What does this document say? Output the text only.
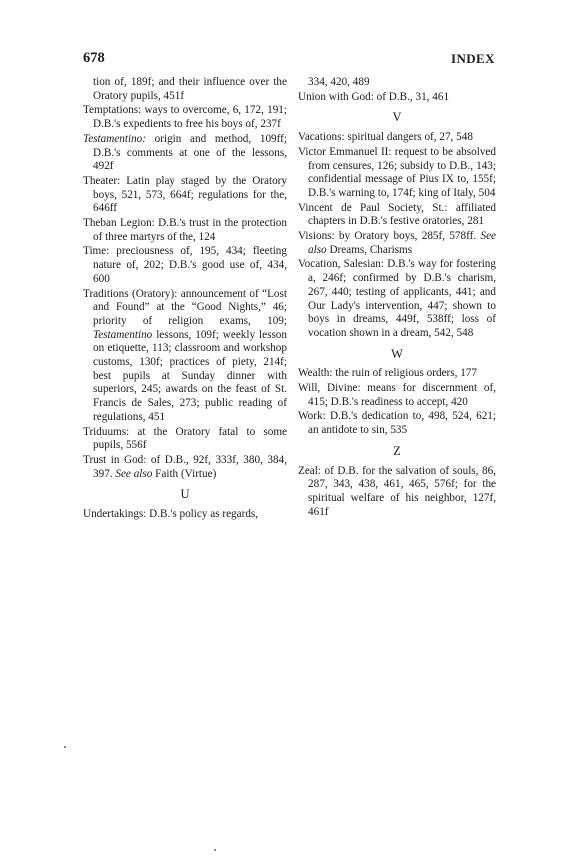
678	INDEX

tion of, 189f; and their influence over the Oratory pupils, 451f

Temptations: ways to overcome, 6, 172, 191; D.B.'s expedients to free his boys of, 237f

Testamentino: origin and method, 109ff; D.B.'s comments at one of the lessons, 492f

Theater: Latin play staged by the Oratory boys, 521, 573, 664f; regulations for the, 646ff

Theban Legion: D.B.'s trust in the protection of three martyrs of the, 124

Time: preciousness of, 195, 434; fleeting nature of, 202; D.B.'s good use of, 434, 600

Traditions (Oratory): announcement of “Lost and Found” at the “Good Nights,” 46; priority of religion exams, 109; Testamentino lessons, 109f; weekly lesson on etiquette, 113; classroom and workshop customs, 130f; practices of piety, 214f; best pupils at Sunday dinner with superiors, 245; awards on the feast of St. Francis de Sales, 273; public reading of regulations, 451

Triduums: at the Oratory fatal to some pupils, 556f

Trust in God: of D.B., 92f, 333f, 380, 384, 397. See also Faith (Virtue)

U

Undertakings: D.B.'s policy as regards,

334, 420, 489

Union with God: of D.B., 31, 461

V

Vacations: spiritual dangers of, 27, 548

Victor Emmanuel II: request to be absolved from censures, 126; subsidy to D.B., 143; confidential message of Pius IX to, 155f; D.B.'s warning to, 174f; king of Italy, 504

Vincent de Paul Society, St.: affiliated chapters in D.B.'s festive oratories, 281

Visions: by Oratory boys, 285f, 578ff. See also Dreams, Charisms

Vocation, Salesian: D.B.'s way for fostering a, 246f; confirmed by D.B.'s charism, 267, 440; testing of applicants, 441; and Our Lady's intervention, 447; shown to boys in dreams, 449f, 538ff; loss of vocation shown in a dream, 542, 548

W

Wealth: the ruin of religious orders, 177

Will, Divine: means for discernment of, 415; D.B.'s readiness to accept, 420

Work: D.B.'s dedication to, 498, 524, 621; an antidote to sin, 535

Z

Zeal: of D.B. for the salvation of souls, 86, 287, 343, 438, 461, 465, 576f; for the spiritual welfare of his neighbor, 127f, 461f
